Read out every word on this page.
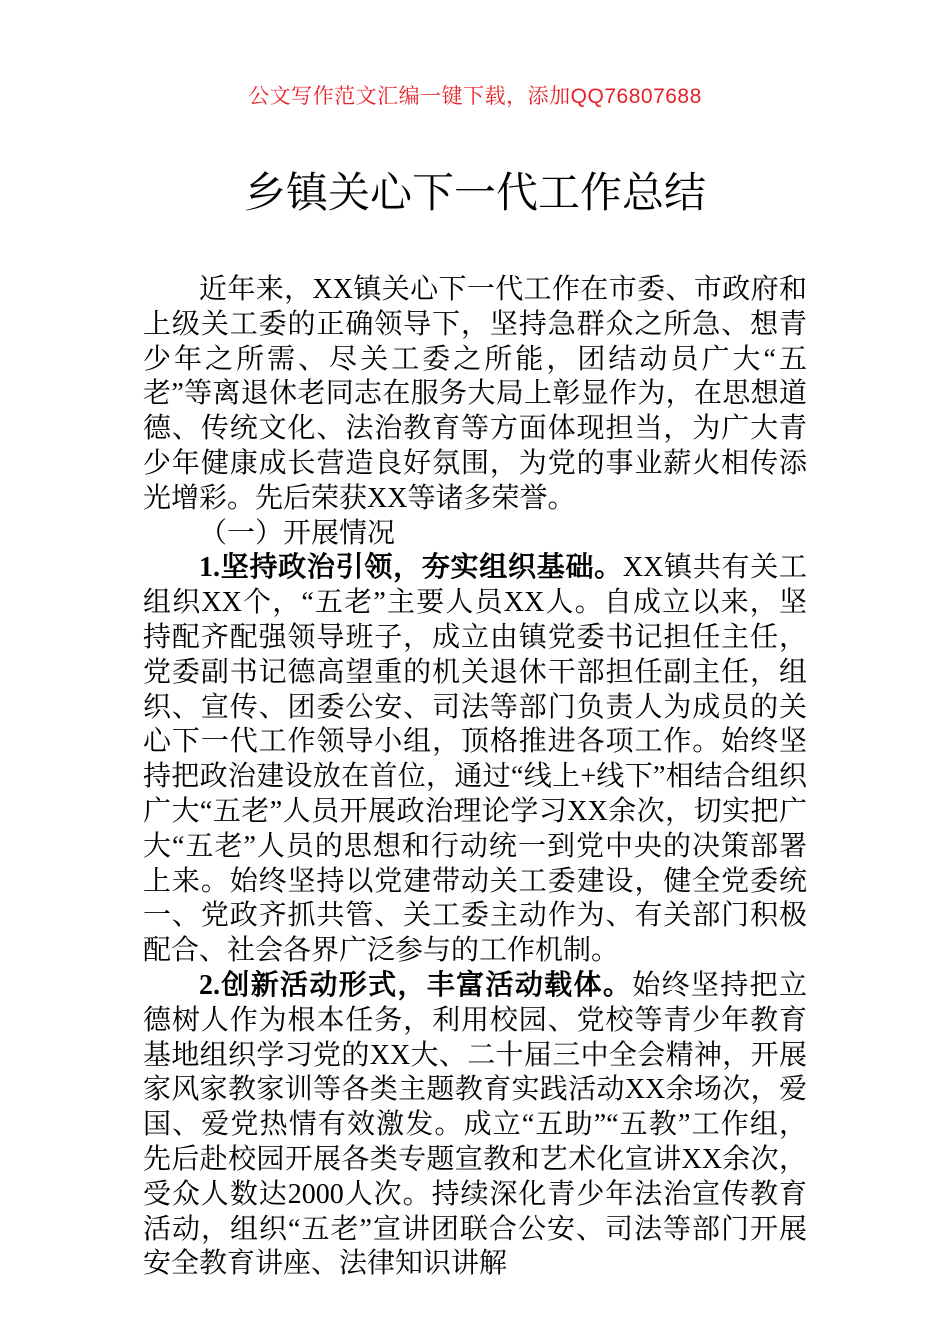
公文写作范文汇编一键下载，添加QQ76807688
乡镇关心下一代工作总结

近年来，XX镇关心下一代工作在市委、市政府和上级关工委的正确领导下，坚持急群众之所急、想青少年之所需、尽关工委之所能，团结动员广大“五老”等离退休老同志在服务大局上彰显作为，在思想道德、传统文化、法治教育等方面体现担当，为广大青少年健康成长营造良好氛围，为党的事业薪火相传添光增彩。先后荣获XX等诸多荣誉。

（一）开展情况

1.坚持政治引领，夯实组织基础。XX镇共有关工组织XX个，“五老”主要人员XX人。自成立以来，坚持配齐配强领导班子，成立由镇党委书记担任主任，党委副书记德高望重的机关退休干部担任副主任，组织、宣传、团委公安、司法等部门负责人为成员的关心下一代工作领导小组，顶格推进各项工作。始终坚持把政治建设放在首位，通过“线上+线下”相结合组织广大“五老”人员开展政治理论学习XX余次，切实把广大“五老”人员的思想和行动统一到党中央的决策部署上来。始终坚持以党建带动关工委建设，健全党委统一、党政齐抓共管、关工委主动作为、有关部门积极配合、社会各界广泛参与的工作机制。

2.创新活动形式，丰富活动载体。始终坚持把立德树人作为根本任务，利用校园、党校等青少年教育基地组织学习党的XX大、二十届三中全会精神，开展家风家教家训等各类主题教育实践活动XX余场次，爱国、爱党热情有效激发。成立“五助”“五教”工作组，先后赴校园开展各类专题宣教和艺术化宣讲XX余次，受众人数达2000人次。持续深化青少年法治宣传教育活动，组织“五老”宣讲团联合公安、司法等部门开展安全教育讲座、法律知识讲解
